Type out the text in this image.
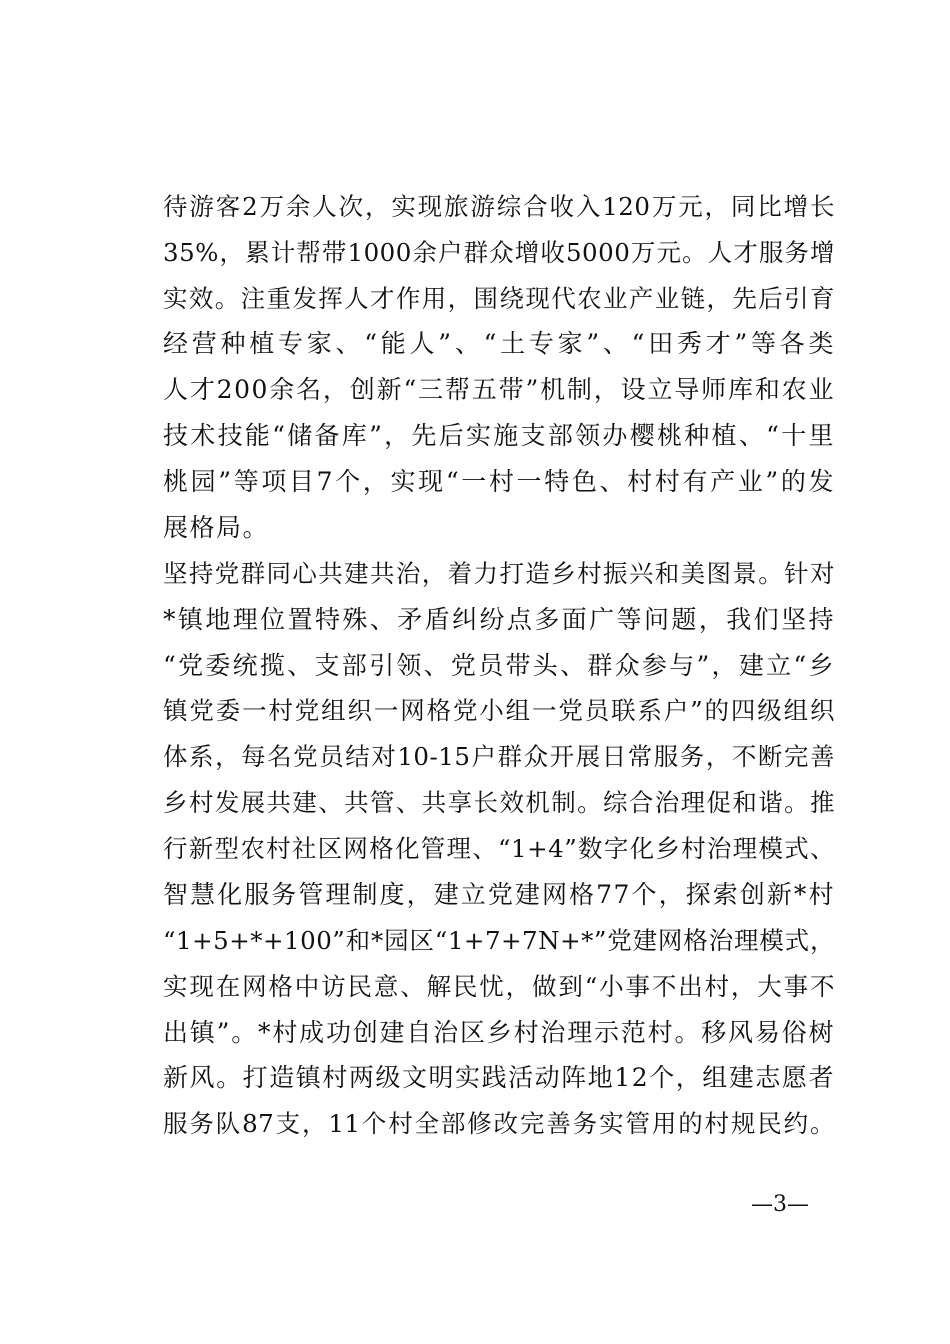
待游客2万余人次，实现旅游综合收入120万元，同比增长
35%，累计帮带1000余户群众增收5000万元。人才服务增
实效。注重发挥人才作用，围绕现代农业产业链，先后引育
经营种植专家、“能人”、“土专家”、“田秀才”等各类
人才200余名，创新“三帮五带”机制，设立导师库和农业
技术技能“储备库”，先后实施支部领办樱桃种植、“十里
桃园”等项目7个，实现“一村一特色、村村有产业”的发
展格局。
坚持党群同心共建共治，着力打造乡村振兴和美图景。针对
*镇地理位置特殊、矛盾纠纷点多面广等问题，我们坚持
“党委统揽、支部引领、党员带头、群众参与”，建立“乡
镇党委一村党组织一网格党小组一党员联系户”的四级组织
体系，每名党员结对10-15户群众开展日常服务，不断完善
乡村发展共建、共管、共享长效机制。综合治理促和谐。推
行新型农村社区网格化管理、“1+4”数字化乡村治理模式、
智慧化服务管理制度，建立党建网格77个，探索创新*村
“1+5+*+100”和*园区“1+7+7N+*”党建网格治理模式，
实现在网格中访民意、解民忧，做到“小事不出村，大事不
出镇”。*村成功创建自治区乡村治理示范村。移风易俗树
新风。打造镇村两级文明实践活动阵地12个，组建志愿者
服务队87支，11个村全部修改完善务实管用的村规民约。
—3—
